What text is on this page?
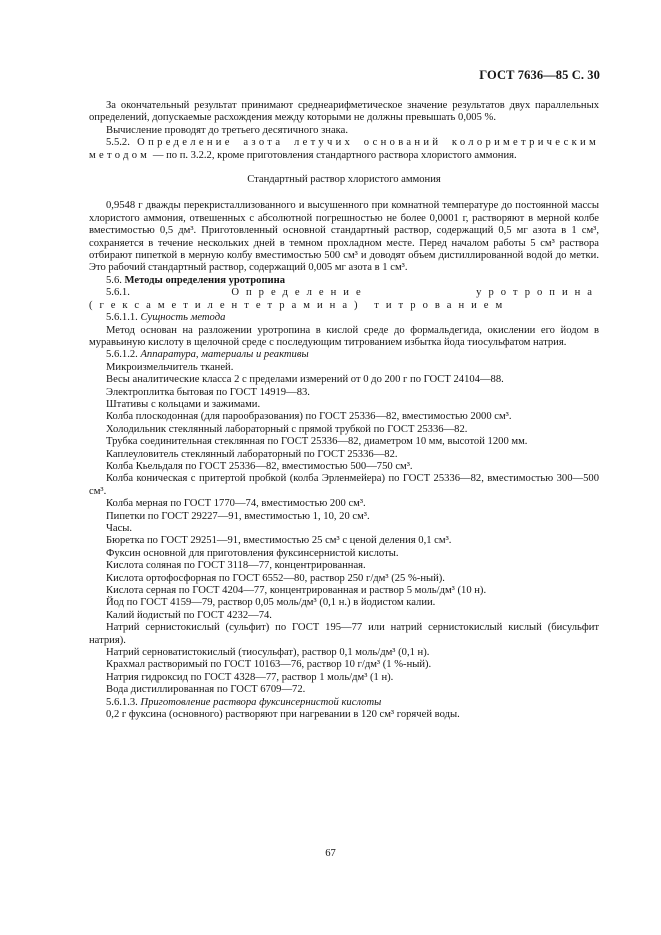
ГОСТ 7636—85 С. 30

За окончательный результат принимают среднеарифметическое значение результатов двух параллельных определений, допускаемые расхождения между которыми не должны превышать 0,005 %.

Вычисление проводят до третьего десятичного знака.

5.5.2. Определение азота летучих оснований колориметрическим методом — по п. 3.2.2, кроме приготовления стандартного раствора хлористого аммония.

Стандартный раствор хлористого аммония

0,9548 г дважды перекристаллизованного и высушенного при комнатной температуре до постоянной массы хлористого аммония, отвешенных с абсолютной погрешностью не более 0,0001 г, растворяют в мерной колбе вместимостью 0,5 дм³. Приготовленный основной стандартный раствор, содержащий 0,5 мг азота в 1 см³, сохраняется в течение нескольких дней в темном прохладном месте. Перед началом работы 5 см³ раствора отбирают пипеткой в мерную колбу вместимостью 500 см³ и доводят объем дистиллированной водой до метки. Это рабочий стандартный раствор, содержащий 0,005 мг азота в 1 см³.

5.6. Методы определения уротропина

5.6.1. Определение уротропина (гексаметилентетрамина) титрованием

5.6.1.1. Сущность метода

Метод основан на разложении уротропина в кислой среде до формальдегида, окислении его йодом в муравьиную кислоту в щелочной среде с последующим титрованием избытка йода тиосульфатом натрия.

5.6.1.2. Аппаратура, материалы и реактивы

Микроизмельчитель тканей.

Весы аналитические класса 2 с пределами измерений от 0 до 200 г по ГОСТ 24104—88.

Электроплитка бытовая по ГОСТ 14919—83.

Штативы с кольцами и зажимами.

Колба плоскодонная (для парообразования) по ГОСТ 25336—82, вместимостью 2000 см³.

Холодильник стеклянный лабораторный с прямой трубкой по ГОСТ 25336—82.

Трубка соединительная стеклянная по ГОСТ 25336—82, диаметром 10 мм, высотой 1200 мм.

Каплеуловитель стеклянный лабораторный по ГОСТ 25336—82.

Колба Кьельдаля по ГОСТ 25336—82, вместимостью 500—750 см³.

Колба коническая с притертой пробкой (колба Эрленмейера) по ГОСТ 25336—82, вместимостью 300—500 см³.

Колба мерная по ГОСТ 1770—74, вместимостью 200 см³.

Пипетки по ГОСТ 29227—91, вместимостью 1, 10, 20 см³.

Часы.

Бюретка по ГОСТ 29251—91, вместимостью 25 см³ с ценой деления 0,1 см³.

Фуксин основной для приготовления фуксинсернистой кислоты.

Кислота соляная по ГОСТ 3118—77, концентрированная.

Кислота ортофосфорная по ГОСТ 6552—80, раствор 250 г/дм³ (25 %-ный).

Кислота серная по ГОСТ 4204—77, концентрированная и раствор 5 моль/дм³ (10 н).

Йод по ГОСТ 4159—79, раствор 0,05 моль/дм³ (0,1 н.) в йодистом калии.

Калий йодистый по ГОСТ 4232—74.

Натрий сернистокислый (сульфит) по ГОСТ 195—77 или натрий сернистокислый кислый (бисульфит натрия).

Натрий серноватистокислый (тиосульфат), раствор 0,1 моль/дм³ (0,1 н).

Крахмал растворимый по ГОСТ 10163—76, раствор 10 г/дм³ (1 %-ный).

Натрия гидроксид по ГОСТ 4328—77, раствор 1 моль/дм³ (1 н).

Вода дистиллированная по ГОСТ 6709—72.

5.6.1.3. Приготовление раствора фуксинсернистой кислоты

0,2 г фуксина (основного) растворяют при нагревании в 120 см³ горячей воды.

67
